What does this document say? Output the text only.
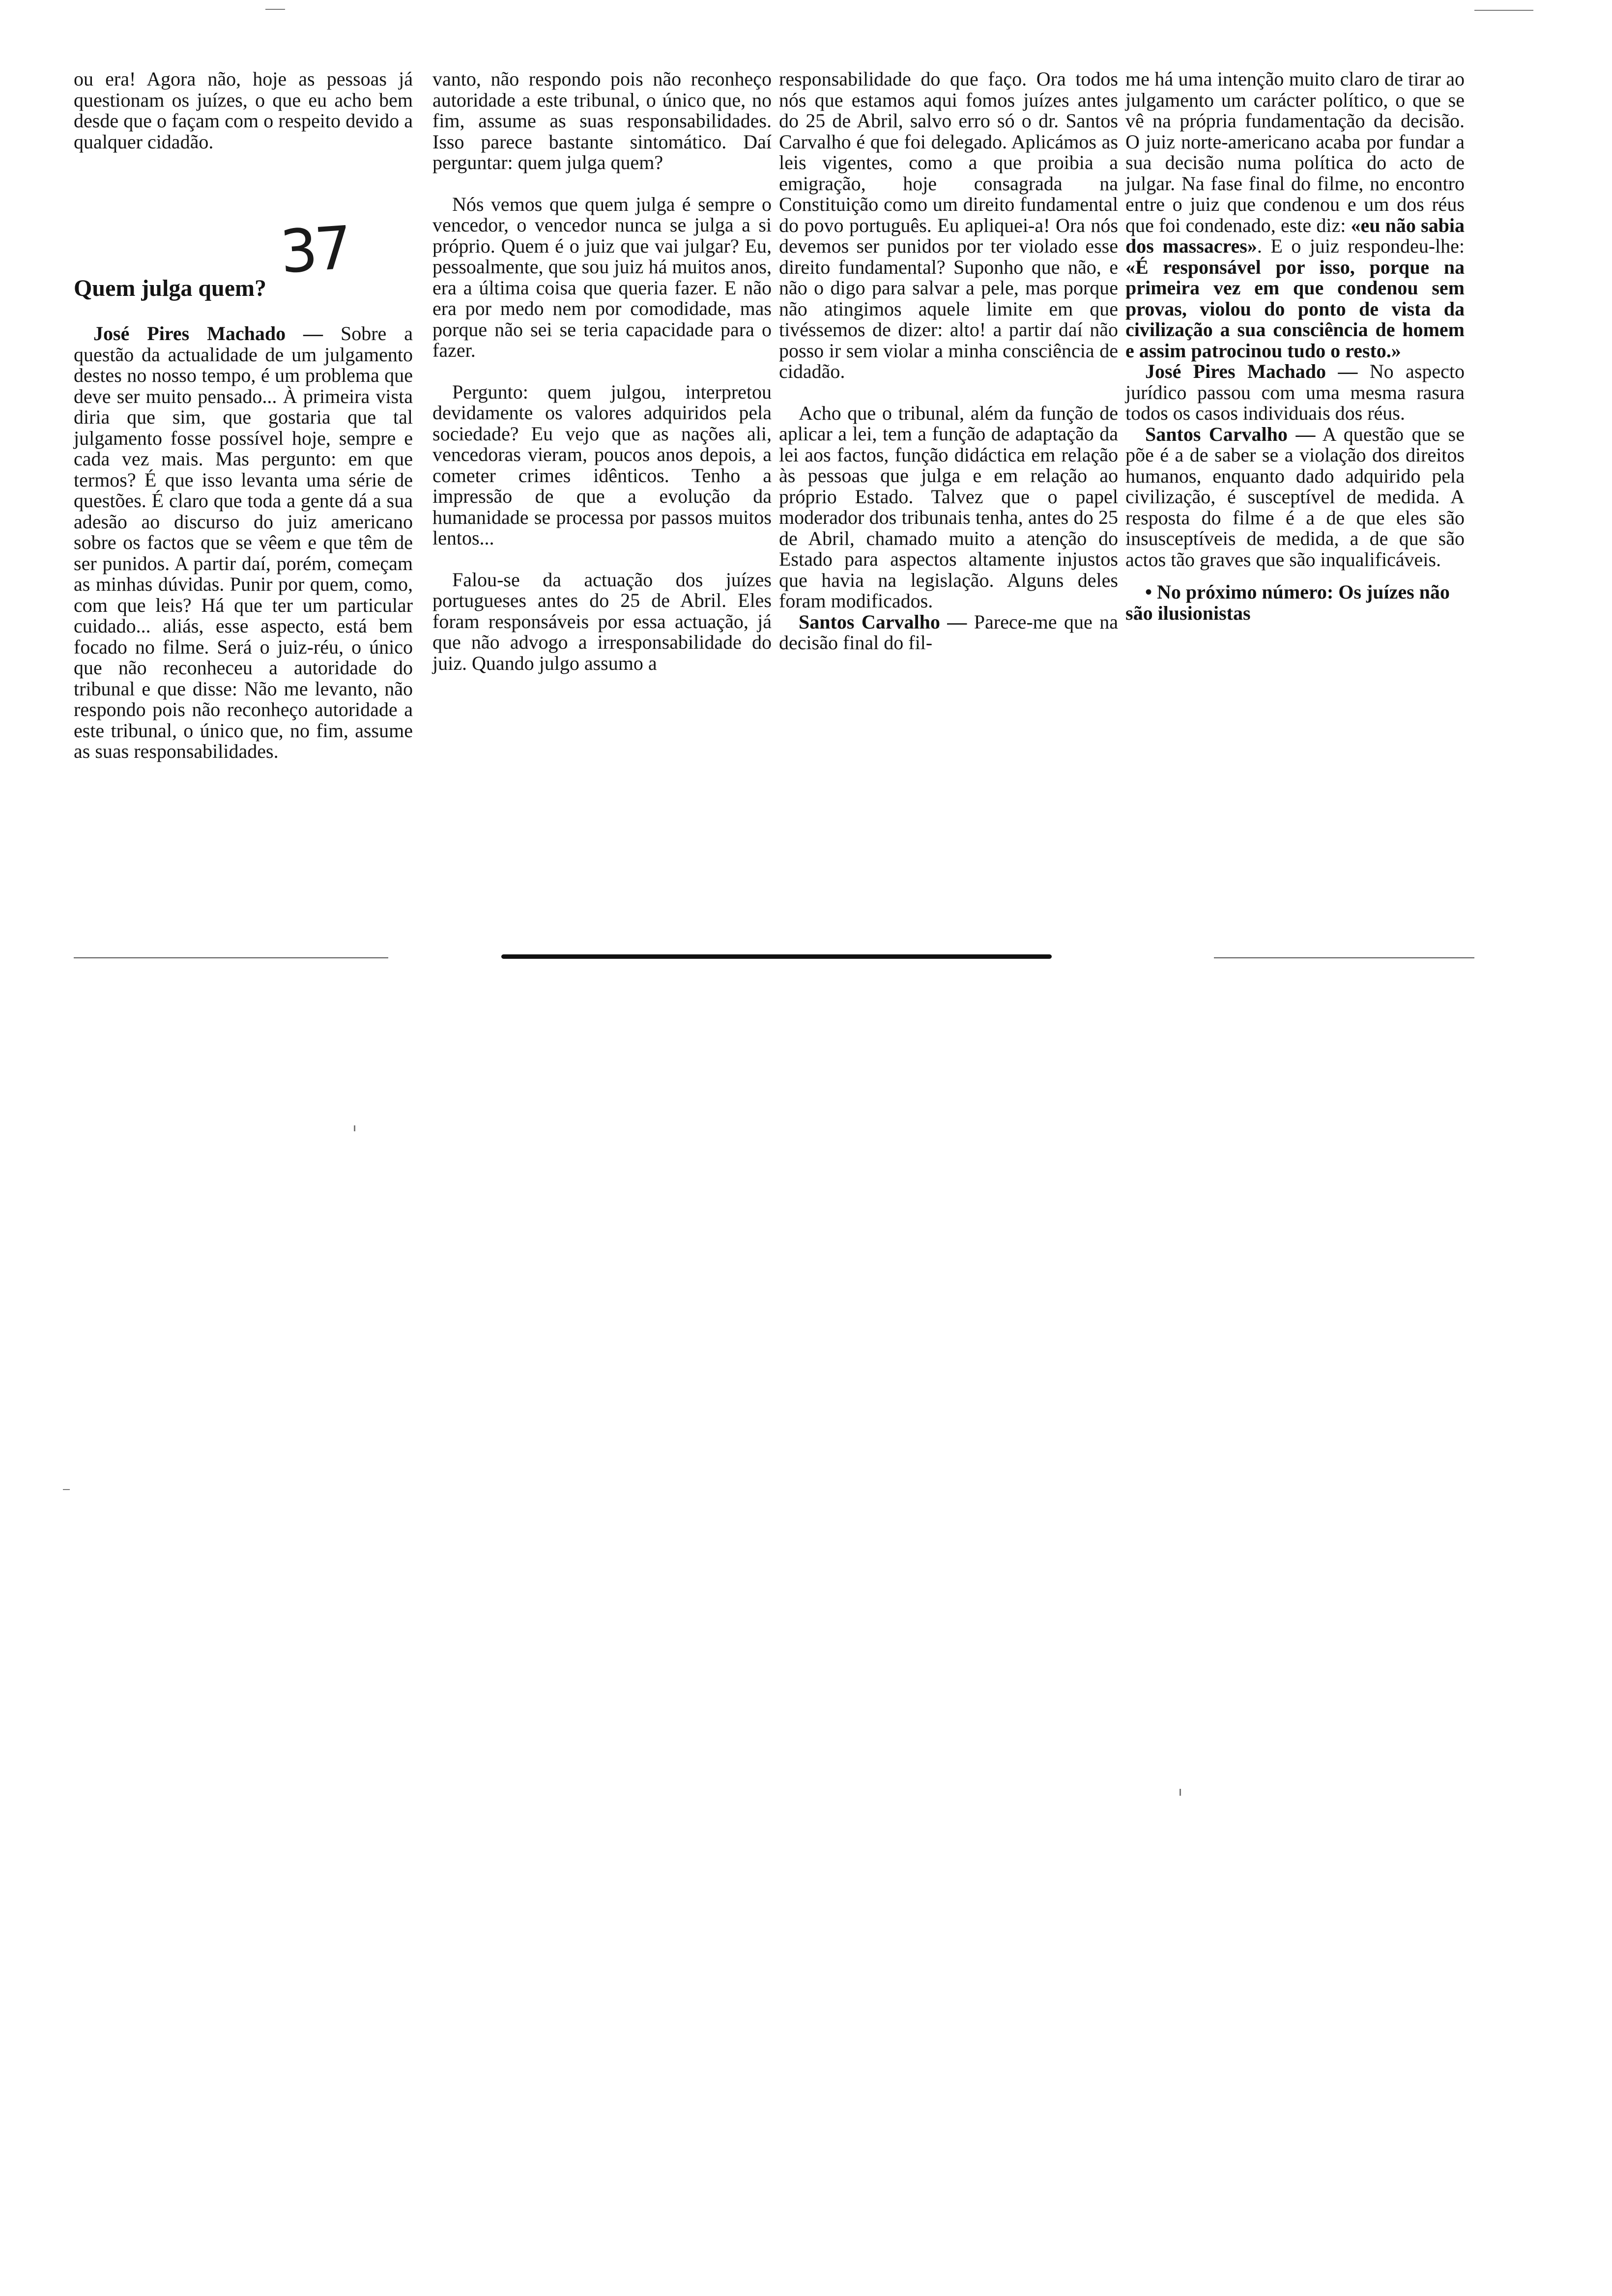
37

ou era! Agora não, hoje as pessoas já questionam os juízes, o que eu acho bem desde que o façam com o respeito devido a qualquer cidadão.

Quem julga quem?

José Pires Machado — Sobre a questão da actualidade de um julgamento destes no nosso tempo, é um problema que deve ser muito pensado... À primeira vista diria que sim, que gostaria que tal julgamento fosse possível hoje, sempre e cada vez mais. Mas pergunto: em que termos? É que isso levanta uma série de questões. É claro que toda a gente dá a sua adesão ao discurso do juiz americano sobre os factos que se vêem e que têm de ser punidos. A partir daí, porém, começam as minhas dúvidas. Punir por quem, como, com que leis? Há que ter um particular cuidado... aliás, esse aspecto, está bem focado no filme. Será o juiz-réu, o único que não reconheceu a autoridade do tribunal e que disse: Não me levanto, não respondo pois não reconheço autoridade a este tribunal, o único que, no fim, assume as suas responsabilidades.

vanto, não respondo pois não reconheço autoridade a este tribunal, o único que, no fim, assume as suas responsabilidades. Isso parece bastante sintomático. Daí perguntar: quem julga quem?

Nós vemos que quem julga é sempre o vencedor, o vencedor nunca se julga a si próprio. Quem é o juiz que vai julgar? Eu, pessoalmente, que sou juiz há muitos anos, era a última coisa que queria fazer. E não era por medo nem por comodidade, mas porque não sei se teria capacidade para o fazer.

Pergunto: quem julgou, interpretou devidamente os valores adquiridos pela sociedade? Eu vejo que as nações ali, vencedoras vieram, poucos anos depois, a cometer crimes idênticos. Tenho a impressão de que a evolução da humanidade se processa por passos muitos lentos...

Falou-se da actuação dos juízes portugueses antes do 25 de Abril. Eles foram responsáveis por essa actuação, já que não advogo a irresponsabilidade do juiz. Quando julgo assumo a

responsabilidade do que faço. Ora todos nós que estamos aqui fomos juízes antes do 25 de Abril, salvo erro só o dr. Santos Carvalho é que foi delegado. Aplicámos as leis vigentes, como a que proibia a emigração, hoje consagrada na Constituição como um direito fundamental do povo português. Eu apliquei-a! Ora nós devemos ser punidos por ter violado esse direito fundamental? Suponho que não, e não o digo para salvar a pele, mas porque não atingimos aquele limite em que tivéssemos de dizer: alto! a partir daí não posso ir sem violar a minha consciência de cidadão.

Acho que o tribunal, além da função de aplicar a lei, tem a função de adaptação da lei aos factos, função didáctica em relação às pessoas que julga e em relação ao próprio Estado. Talvez que o papel moderador dos tribunais tenha, antes do 25 de Abril, chamado muito a atenção do Estado para aspectos altamente injustos que havia na legislação. Alguns deles foram modificados.

Santos Carvalho — Parece-me que na decisão final do fil-

me há uma intenção muito claro de tirar ao julgamento um carácter político, o que se vê na própria fundamentação da decisão. O juiz norte-americano acaba por fundar a sua decisão numa política do acto de julgar. Na fase final do filme, no encontro entre o juiz que condenou e um dos réus que foi condenado, este diz: «eu não sabia dos massacres». E o juiz respondeu-lhe: «É responsável por isso, porque na primeira vez em que condenou sem provas, violou do ponto de vista da civilização a sua consciência de homem e assim patrocinou tudo o resto.»

José Pires Machado — No aspecto jurídico passou com uma mesma rasura todos os casos individuais dos réus.

Santos Carvalho — A questão que se põe é a de saber se a violação dos direitos humanos, enquanto dado adquirido pela civilização, é susceptível de medida. A resposta do filme é a de que eles são insusceptíveis de medida, a de que são actos tão graves que são inqualificáveis.

• No próximo número: Os juízes não são ilusionistas
